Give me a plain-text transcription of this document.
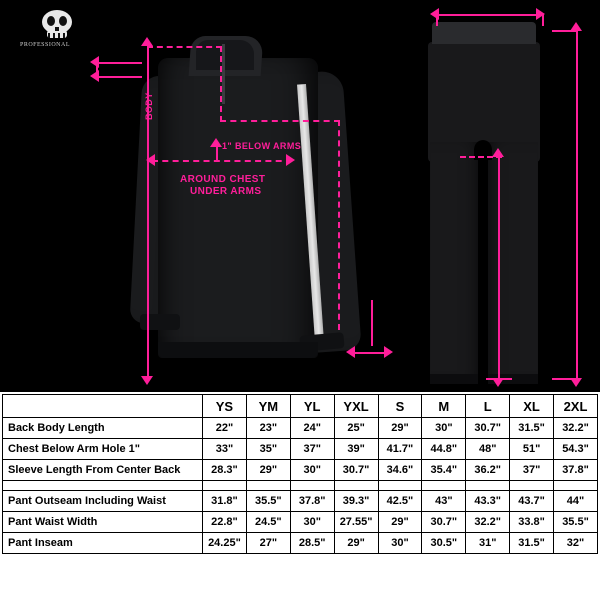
PROFESSIONAL
BODY
1" BELOW ARMS
AROUND CHEST
UNDER ARMS
	YS	YM	YL	YXL	S	M	L	XL	2XL
Back Body Length	22"	23"	24"	25"	29"	30"	30.7"	31.5"	32.2"
Chest Below Arm Hole 1"	33"	35"	37"	39"	41.7"	44.8"	48"	51"	54.3"
Sleeve Length From Center Back	28.3"	29"	30"	30.7"	34.6"	35.4"	36.2"	37"	37.8"

Pant Outseam Including Waist	31.8"	35.5"	37.8"	39.3"	42.5"	43"	43.3"	43.7"	44"
Pant Waist Width	22.8"	24.5"	30"	27.55"	29"	30.7"	32.2"	33.8"	35.5"
Pant Inseam	24.25"	27"	28.5"	29"	30"	30.5"	31"	31.5"	32"
